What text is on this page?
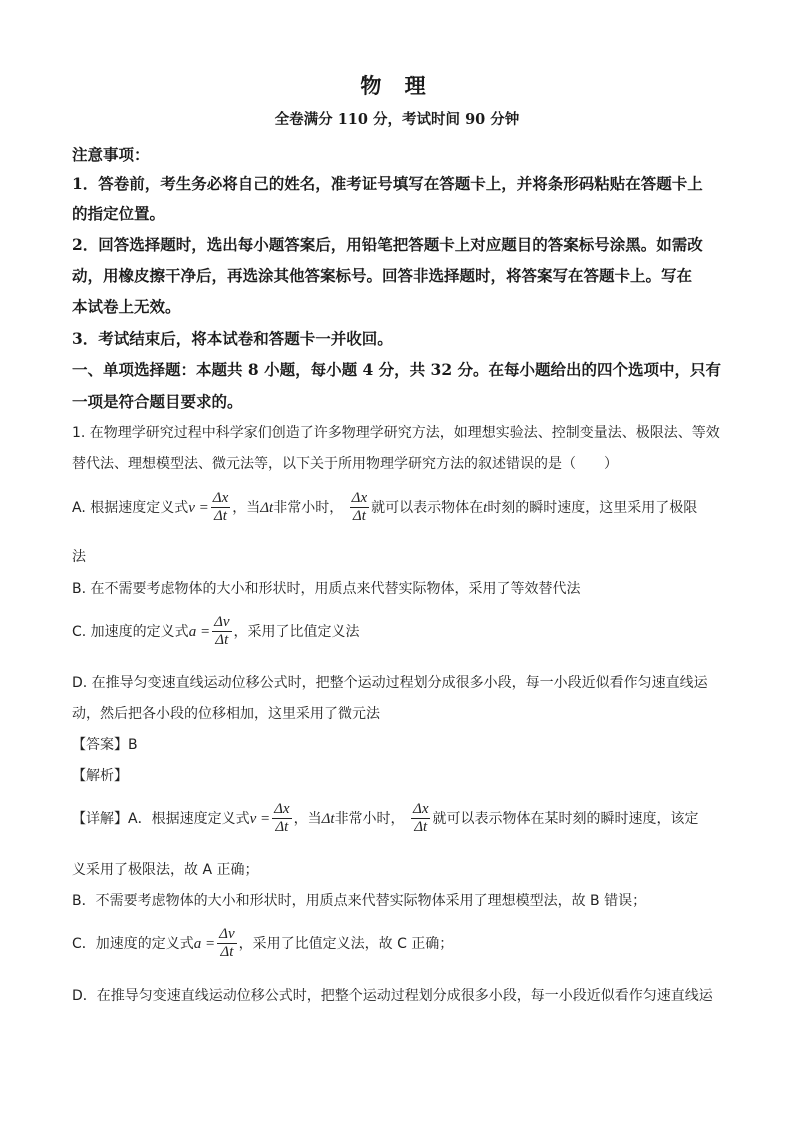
物 理
全卷满分 110 分，考试时间 90 分钟
注意事项：
1．答卷前，考生务必将自己的姓名，准考证号填写在答题卡上，并将条形码粘贴在答题卡上
的指定位置。
2．回答选择题时，选出每小题答案后，用铅笔把答题卡上对应题目的答案标号涂黑。如需改
动，用橡皮擦干净后，再选涂其他答案标号。回答非选择题时，将答案写在答题卡上。写在
本试卷上无效。
3．考试结束后，将本试卷和答题卡一并收回。
一、单项选择题：本题共 8 小题，每小题 4 分，共 32 分。在每小题给出的四个选项中，只有
一项是符合题目要求的。
1. 在物理学研究过程中科学家们创造了许多物理学研究方法，如理想实验法、控制变量法、极限法、等效
替代法、理想模型法、微元法等，以下关于所用物理学研究方法的叙述错误的是（　　）
A. 根据速度定义式$v = \frac{\Delta x}{\Delta t}$ ，当Δt非常小时， $\frac{\Delta x}{\Delta t}$ 就可以表示物体在t时刻的瞬时速度，这里采用了极限
法
B. 在不需要考虑物体的大小和形状时，用质点来代替实际物体，采用了等效替代法
C. 加速度的定义式$a = \frac{\Delta v}{\Delta t}$ ，采用了比值定义法
D. 在推导匀变速直线运动位移公式时，把整个运动过程划分成很多小段，每一小段近似看作匀速直线运
动，然后把各小段的位移相加，这里采用了微元法
【答案】B
【解析】
【详解】A．根据速度定义式$v = \frac{\Delta x}{\Delta t}$ ，当Δt非常小时， $\frac{\Delta x}{\Delta t}$ 就可以表示物体在某时刻的瞬时速度，该定
义采用了极限法，故 A 正确；
B．不需要考虑物体的大小和形状时，用质点来代替实际物体采用了理想模型法，故 B 错误；
C．加速度的定义式$a = \frac{\Delta v}{\Delta t}$ ，采用了比值定义法，故 C 正确；
D．在推导匀变速直线运动位移公式时，把整个运动过程划分成很多小段，每一小段近似看作匀速直线运
